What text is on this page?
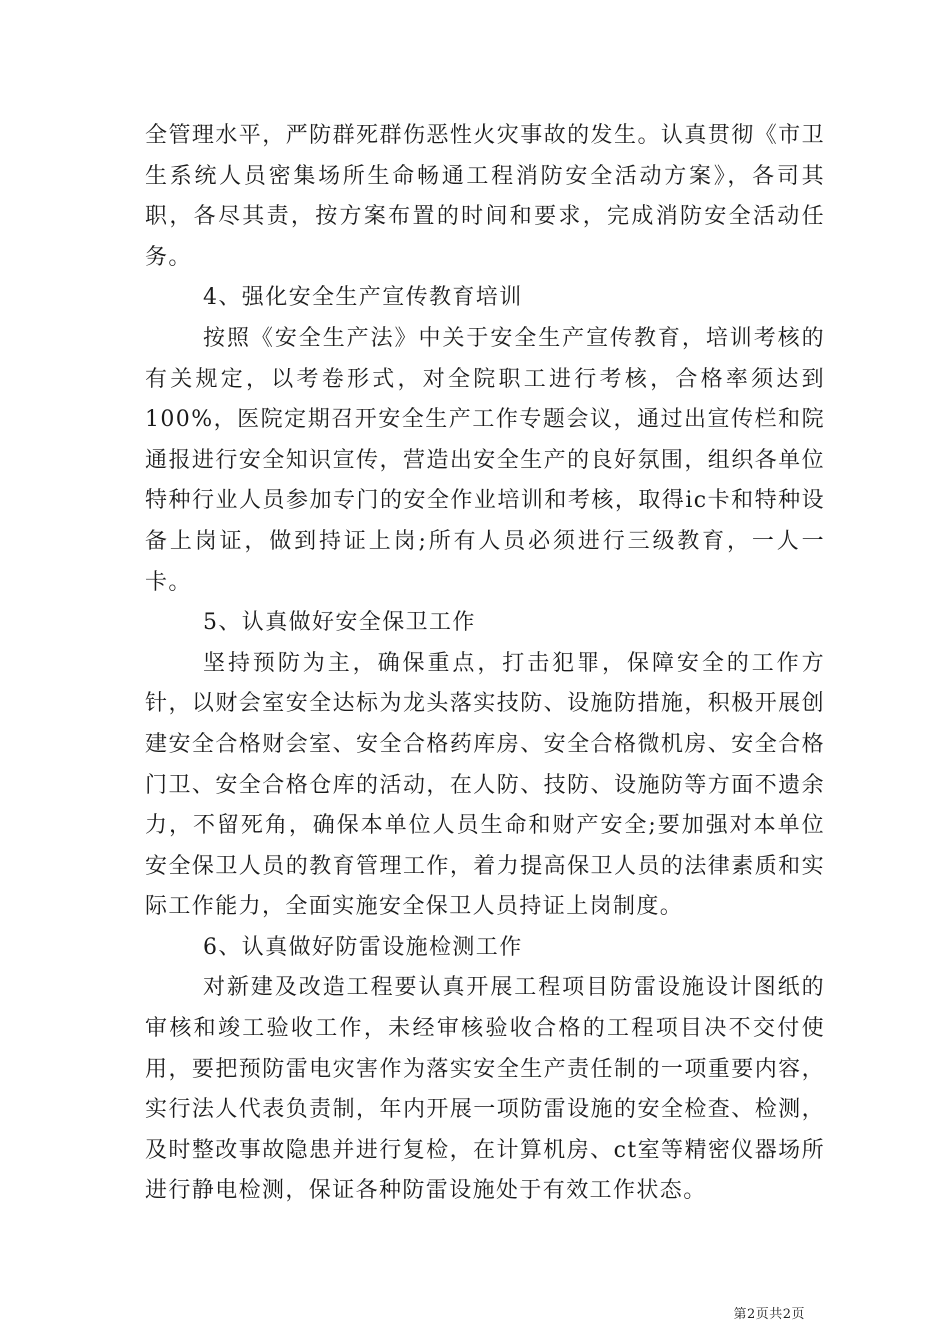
全管理水平，严防群死群伤恶性火灾事故的发生。认真贯彻《市卫生系统人员密集场所生命畅通工程消防安全活动方案》，各司其职，各尽其责，按方案布置的时间和要求，完成消防安全活动任务。

4、强化安全生产宣传教育培训

按照《安全生产法》中关于安全生产宣传教育，培训考核的有关规定，以考卷形式，对全院职工进行考核，合格率须达到100%，医院定期召开安全生产工作专题会议，通过出宣传栏和院通报进行安全知识宣传，营造出安全生产的良好氛围，组织各单位特种行业人员参加专门的安全作业培训和考核，取得ic卡和特种设备上岗证，做到持证上岗;所有人员必须进行三级教育，一人一卡。

5、认真做好安全保卫工作

坚持预防为主，确保重点，打击犯罪，保障安全的工作方针，以财会室安全达标为龙头落实技防、设施防措施，积极开展创建安全合格财会室、安全合格药库房、安全合格微机房、安全合格门卫、安全合格仓库的活动，在人防、技防、设施防等方面不遗余力，不留死角，确保本单位人员生命和财产安全;要加强对本单位安全保卫人员的教育管理工作，着力提高保卫人员的法律素质和实际工作能力，全面实施安全保卫人员持证上岗制度。

6、认真做好防雷设施检测工作

对新建及改造工程要认真开展工程项目防雷设施设计图纸的审核和竣工验收工作，未经审核验收合格的工程项目决不交付使用，要把预防雷电灾害作为落实安全生产责任制的一项重要内容，实行法人代表负责制，年内开展一项防雷设施的安全检查、检测，及时整改事故隐患并进行复检，在计算机房、ct室等精密仪器场所进行静电检测，保证各种防雷设施处于有效工作状态。

第2页共2页
